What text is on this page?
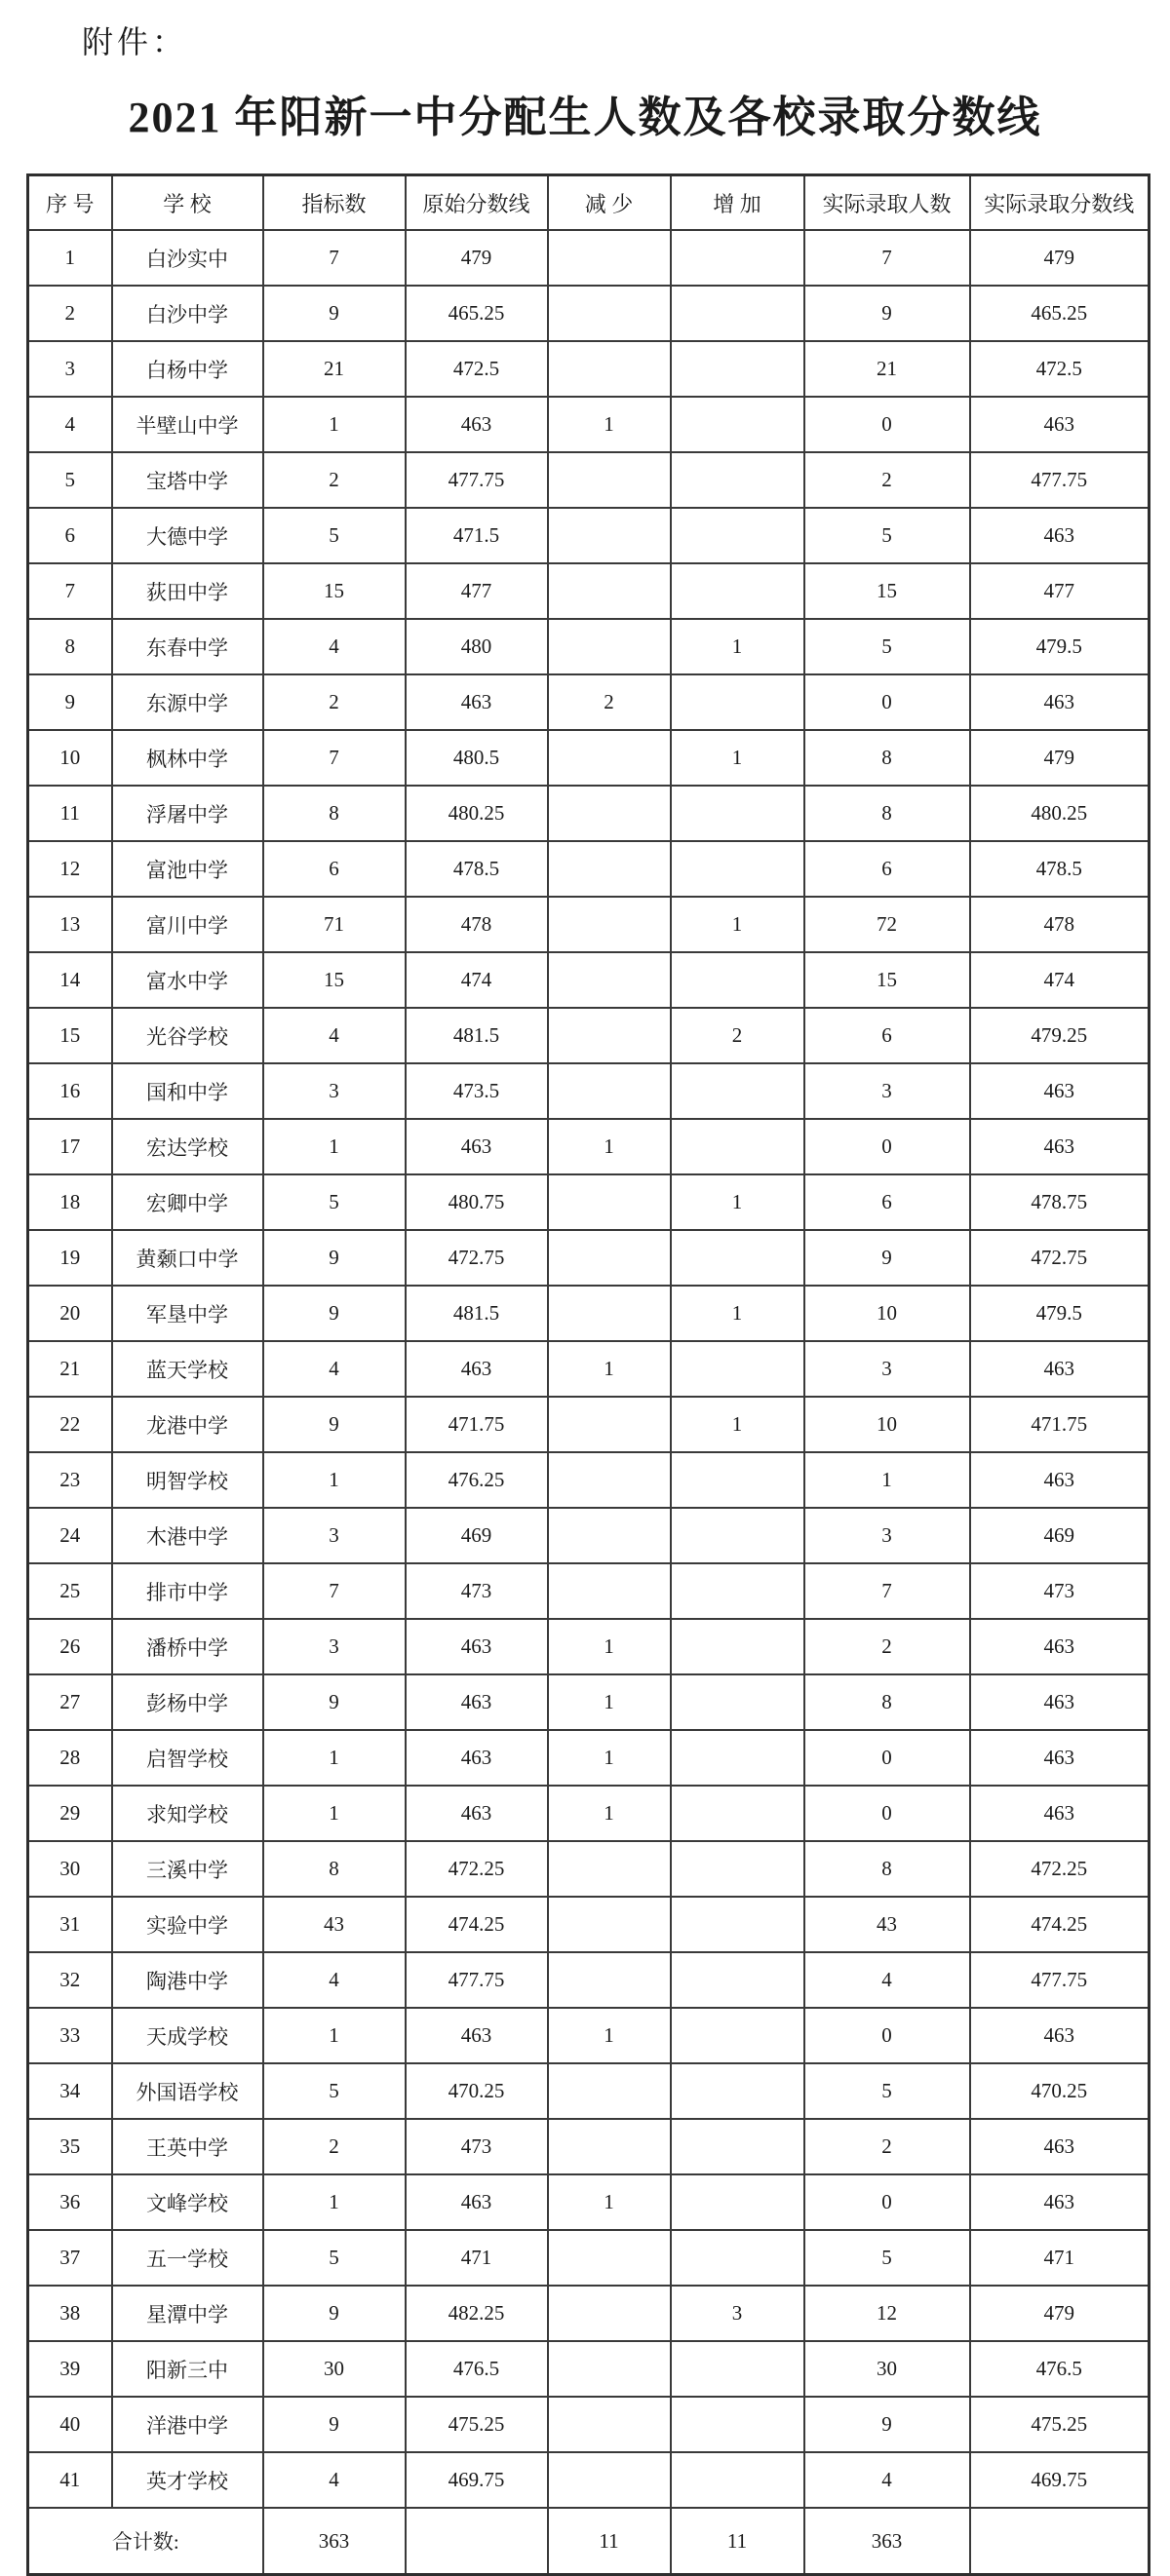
附件：
2021 年阳新一中分配生人数及各校录取分数线
序 号	学 校	指标数	原始分数线	减 少	增 加	实际录取人数	实际录取分数线
1	白沙实中	7	479			7	479
2	白沙中学	9	465.25			9	465.25
3	白杨中学	21	472.5			21	472.5
4	半壁山中学	1	463	1		0	463
5	宝塔中学	2	477.75			2	477.75
6	大德中学	5	471.5			5	463
7	荻田中学	15	477			15	477
8	东春中学	4	480		1	5	479.5
9	东源中学	2	463	2		0	463
10	枫林中学	7	480.5		1	8	479
11	浮屠中学	8	480.25			8	480.25
12	富池中学	6	478.5			6	478.5
13	富川中学	71	478		1	72	478
14	富水中学	15	474			15	474
15	光谷学校	4	481.5		2	6	479.25
16	国和中学	3	473.5			3	463
17	宏达学校	1	463	1		0	463
18	宏卿中学	5	480.75		1	6	478.75
19	黄颡口中学	9	472.75			9	472.75
20	军垦中学	9	481.5		1	10	479.5
21	蓝天学校	4	463	1		3	463
22	龙港中学	9	471.75		1	10	471.75
23	明智学校	1	476.25			1	463
24	木港中学	3	469			3	469
25	排市中学	7	473			7	473
26	潘桥中学	3	463	1		2	463
27	彭杨中学	9	463	1		8	463
28	启智学校	1	463	1		0	463
29	求知学校	1	463	1		0	463
30	三溪中学	8	472.25			8	472.25
31	实验中学	43	474.25			43	474.25
32	陶港中学	4	477.75			4	477.75
33	天成学校	1	463	1		0	463
34	外国语学校	5	470.25			5	470.25
35	王英中学	2	473			2	463
36	文峰学校	1	463	1		0	463
37	五一学校	5	471			5	471
38	星潭中学	9	482.25		3	12	479
39	阳新三中	30	476.5			30	476.5
40	洋港中学	9	475.25			9	475.25
41	英才学校	4	469.75			4	469.75
合计数:		363		11	11	363	
